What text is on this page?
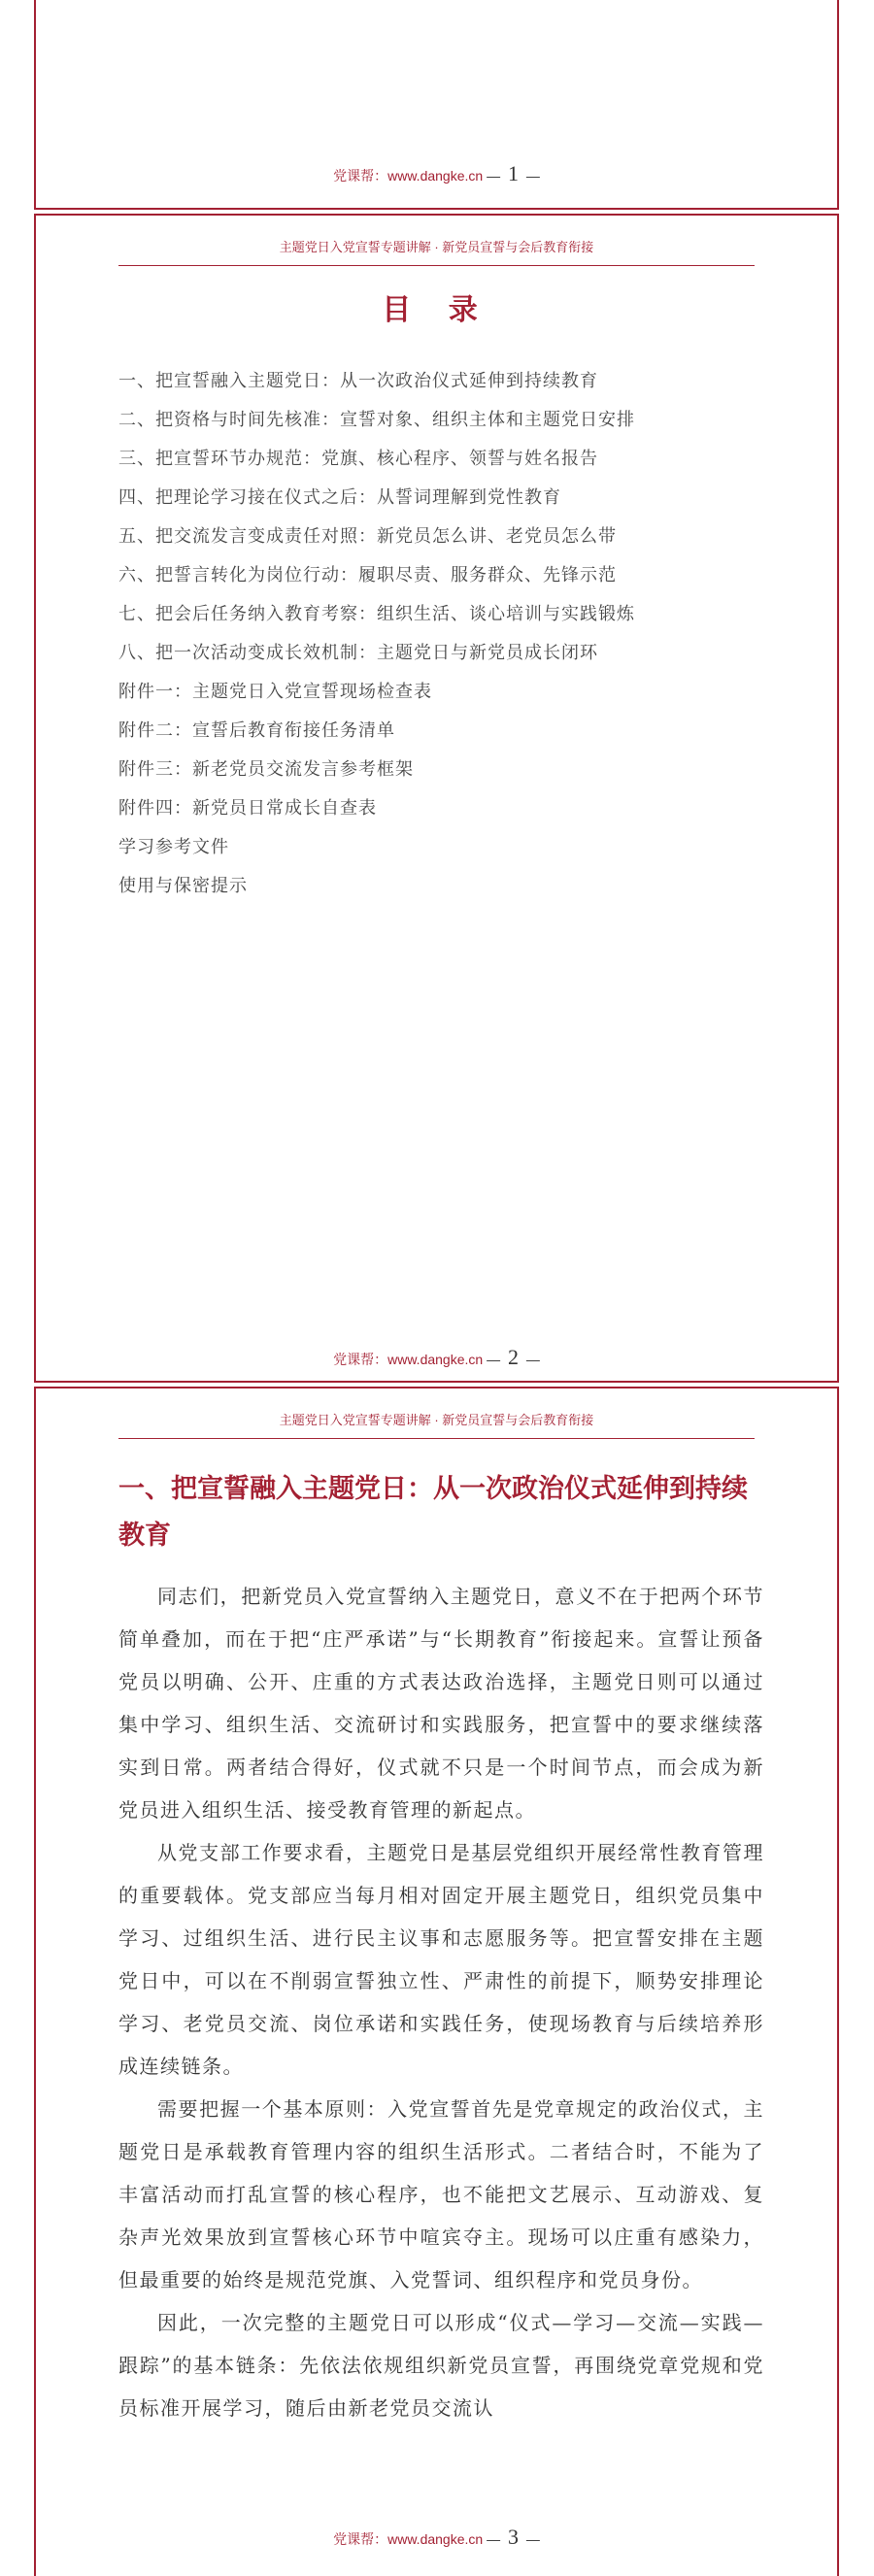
党课帮：www.dangke.cn — 1 —
主题党日入党宣誓专题讲解 · 新党员宣誓与会后教育衔接
目 录
一、把宣誓融入主题党日：从一次政治仪式延伸到持续教育
二、把资格与时间先核准：宣誓对象、组织主体和主题党日安排
三、把宣誓环节办规范：党旗、核心程序、领誓与姓名报告
四、把理论学习接在仪式之后：从誓词理解到党性教育
五、把交流发言变成责任对照：新党员怎么讲、老党员怎么带
六、把誓言转化为岗位行动：履职尽责、服务群众、先锋示范
七、把会后任务纳入教育考察：组织生活、谈心培训与实践锻炼
八、把一次活动变成长效机制：主题党日与新党员成长闭环
附件一：主题党日入党宣誓现场检查表
附件二：宣誓后教育衔接任务清单
附件三：新老党员交流发言参考框架
附件四：新党员日常成长自查表
学习参考文件
使用与保密提示
党课帮：www.dangke.cn — 2 —
主题党日入党宣誓专题讲解 · 新党员宣誓与会后教育衔接
一、把宣誓融入主题党日：从一次政治仪式延伸到持续教育

同志们，把新党员入党宣誓纳入主题党日，意义不在于把两个环节简单叠加，而在于把“庄严承诺”与“长期教育”衔接起来。宣誓让预备党员以明确、公开、庄重的方式表达政治选择，主题党日则可以通过集中学习、组织生活、交流研讨和实践服务，把宣誓中的要求继续落实到日常。两者结合得好，仪式就不只是一个时间节点，而会成为新党员进入组织生活、接受教育管理的新起点。

从党支部工作要求看，主题党日是基层党组织开展经常性教育管理的重要载体。党支部应当每月相对固定开展主题党日，组织党员集中学习、过组织生活、进行民主议事和志愿服务等。把宣誓安排在主题党日中，可以在不削弱宣誓独立性、严肃性的前提下，顺势安排理论学习、老党员交流、岗位承诺和实践任务，使现场教育与后续培养形成连续链条。

需要把握一个基本原则：入党宣誓首先是党章规定的政治仪式，主题党日是承载教育管理内容的组织生活形式。二者结合时，不能为了丰富活动而打乱宣誓的核心程序，也不能把文艺展示、互动游戏、复杂声光效果放到宣誓核心环节中喧宾夺主。现场可以庄重有感染力，但最重要的始终是规范党旗、入党誓词、组织程序和党员身份。

因此，一次完整的主题党日可以形成“仪式—学习—交流—实践—跟踪”的基本链条：先依法依规组织新党员宣誓，再围绕党章党规和党员标准开展学习，随后由新老党员交流认

党课帮：www.dangke.cn — 3 —
